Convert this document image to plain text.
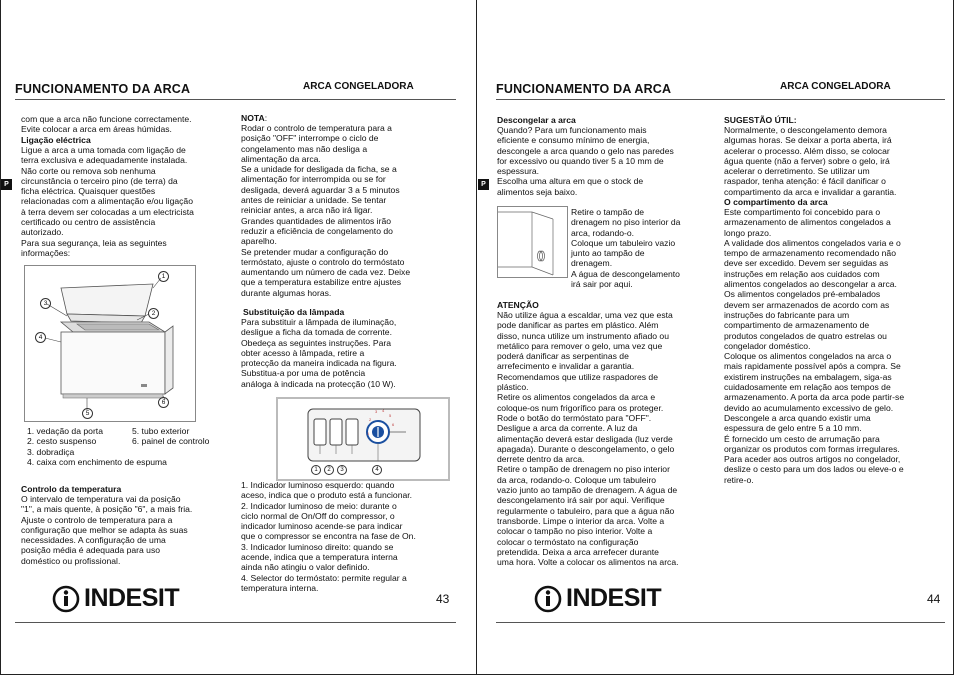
FUNCIONAMENTO DA ARCA	ARCA CONGELADORA
P
com que a arca não funcione correctamente.
Evite colocar a arca em áreas húmidas.
Ligação eléctrica
Ligue a arca a uma tomada com ligação de
terra exclusiva e adequadamente instalada.
Não corte ou remova sob nenhuma
circunstância o terceiro pino (de terra) da
ficha eléctrica. Quaisquer questões
relacionadas com a alimentação e/ou ligação
à terra devem ser colocadas a um electricista
certificado ou centro de assistência
autorizado.
Para sua segurança, leia as seguintes
informações:
1
2
3
4
5
6
1. vedação da porta
2. cesto suspenso
3. dobradiça
4. caixa com enchimento de espuma
5. tubo exterior
6. painel de controlo
Controlo da temperatura
O intervalo de temperatura vai da posição
"1", a mais quente, à posição "6", a mais fria.
Ajuste o controlo de temperatura para a
configuração que melhor se adapta às suas
necessidades. A configuração de uma
posição média é adequada para uso
doméstico ou profissional.
NOTA:
Rodar o controlo de temperatura para a
posição "OFF" interrompe o ciclo de
congelamento mas não desliga a
alimentação da arca.
Se a unidade for desligada da ficha, se a
alimentação for interrompida ou se for
desligada, deverá aguardar 3 a 5 minutos
antes de reiniciar a unidade. Se tentar
reiniciar antes, a arca não irá ligar.
Grandes quantidades de alimentos irão
reduzir a eficiência de congelamento do
aparelho.
Se pretender mudar a configuração do
termóstato, ajuste o controlo do termóstato
aumentando um número de cada vez. Deixe
que a temperatura estabilize entre ajustes
durante algumas horas.
Substituição da lâmpada
Para substituir a lâmpada de iluminação,
desligue a ficha da tomada de corrente.
Obedeça as seguintes instruções. Para
obter acesso à lâmpada, retire a
protecção da maneira indicada na figura.
Substitua-a por uma de potência
análoga à indicada na protecção (10 W).
1
2
3 4
5
6
1	2	3	4
1. Indicador luminoso esquerdo: quando
aceso, indica que o produto está a funcionar.
2. Indicador luminoso de meio: durante o
ciclo normal de On/Off do compressor, o
indicador luminoso acende-se para indicar
que o compressor se encontra na fase de On.
3. Indicador luminoso direito: quando se
acende, indica que a temperatura interna
ainda não atingiu o valor definido.
4. Selector do termóstato: permite regular a
temperatura interna.
INDESIT	43
FUNCIONAMENTO DA ARCA	ARCA CONGELADORA
P
Descongelar a arca
Quando? Para um funcionamento mais
eficiente e consumo mínimo de energia,
descongele a arca quando o gelo nas paredes
for excessivo ou quando tiver 5 a 10 mm de
espessura.
Escolha uma altura em que o stock de
alimentos seja baixo.
Retire o tampão de
drenagem no piso interior da
arca, rodando-o.
Coloque um tabuleiro vazio
junto ao tampão de
drenagem.
A água de descongelamento
irá sair por aqui.
ATENÇÃO
Não utilize água a escaldar, uma vez que esta
pode danificar as partes em plástico. Além
disso, nunca utilize um instrumento afiado ou
metálico para remover o gelo, uma vez que
poderá danificar as serpentinas de
arrefecimento e invalidar a garantia.
Recomendamos que utilize raspadores de
plástico.
Retire os alimentos congelados da arca e
coloque-os num frigorífico para os proteger.
Rode o botão do termóstato para "OFF".
Desligue a arca da corrente. A luz da
alimentação deverá estar desligada (luz verde
apagada). Durante o descongelamento, o gelo
derrete dentro da arca.
Retire o tampão de drenagem no piso interior
da arca, rodando-o. Coloque um tabuleiro
vazio junto ao tampão de drenagem. A água de
descongelamento irá sair por aqui. Verifique
regularmente o tabuleiro, para que a água não
transborde. Limpe o interior da arca. Volte a
colocar o tampão no piso interior. Volte a
colocar o termóstato na configuração
pretendida. Deixa a arca arrefecer durante
uma hora. Volte a colocar os alimentos na arca.
SUGESTÃO ÚTIL:
Normalmente, o descongelamento demora
algumas horas. Se deixar a porta aberta, irá
acelerar o processo. Além disso, se colocar
água quente (não a ferver) sobre o gelo, irá
acelerar o derretimento. Se utilizar um
raspador, tenha atenção: é fácil danificar o
compartimento da arca e invalidar a garantia.
O compartimento da arca
Este compartimento foi concebido para o
armazenamento de alimentos congelados a
longo prazo.
A validade dos alimentos congelados varia e o
tempo de armazenamento recomendado não
deve ser excedido. Devem ser seguidas as
instruções em relação aos cuidados com
alimentos congelados ao descongelar a arca.
Os alimentos congelados pré-embalados
devem ser armazenados de acordo com as
instruções do fabricante para um
compartimento de armazenamento de
produtos congelados de quatro estrelas ou
congelador doméstico.
Coloque os alimentos congelados na arca o
mais rapidamente possível após a compra. Se
existirem instruções na embalagem, siga-as
cuidadosamente em relação aos tempos de
armazenamento. A porta da arca pode partir-se
devido ao acumulamento excessivo de gelo.
Descongele a arca quando existir uma
espessura de gelo entre 5 a 10 mm.
É fornecido um cesto de arrumação para
organizar os produtos com formas irregulares.
Para aceder aos outros artigos no congelador,
deslize o cesto para um dos lados ou eleve-o e
retire-o.
INDESIT	44
